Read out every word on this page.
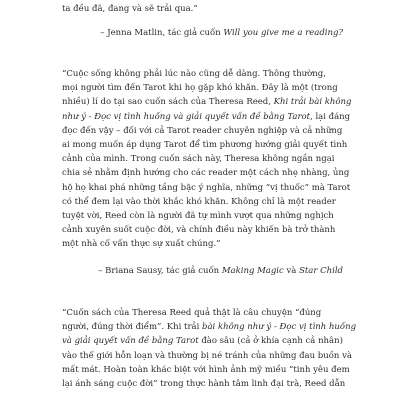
ta đều đã, đang và sẽ trải qua.”

– Jenna Matlin, tác giả cuốn Will you give me a reading?

“Cuộc sống không phải lúc nào cũng dễ dàng. Thông thường,
mọi người tìm đến Tarot khi họ gặp khó khăn. Đây là một (trong
nhiều) lí do tại sao cuốn sách của Theresa Reed, Khi trải bài không
như ý - Đọc vị tình huống và giải quyết vấn đề bằng Tarot, lại đáng
đọc đến vậy – đối với cả Tarot reader chuyên nghiệp và cả những
ai mong muốn áp dụng Tarot để tìm phương hướng giải quyết tình
cảnh của mình. Trong cuốn sách này, Theresa không ngần ngại
chia sẻ nhằm định hướng cho các reader một cách nhẹ nhàng, ủng
hộ họ khai phá những tầng bậc ý nghĩa, những “vị thuốc” mà Tarot
có thể đem lại vào thời khắc khó khăn. Không chỉ là một reader
tuyệt vời, Reed còn là người đã tự mình vượt qua những nghịch
cảnh xuyên suốt cuộc đời, và chính điều này khiến bà trở thành
một nhà cố vấn thực sự xuất chúng.”

– Briana Sausy, tác giả cuốn Making Magic và Star Child

“Cuốn sách của Theresa Reed quả thật là câu chuyện “đúng
người, đúng thời điểm”. Khi trải bài không như ý - Đọc vị tình huống
và giải quyết vấn đề bằng Tarot đào sâu (cả ở khía cạnh cả nhân)
vào thế giới hỗn loạn và thường bị né tránh của những đau buồn và
mất mát. Hoàn toàn khác biệt với hình ảnh mỹ miều “tinh yêu đem
lại ánh sáng cuộc đời” trong thực hành tâm linh đại trà, Reed dẫn
